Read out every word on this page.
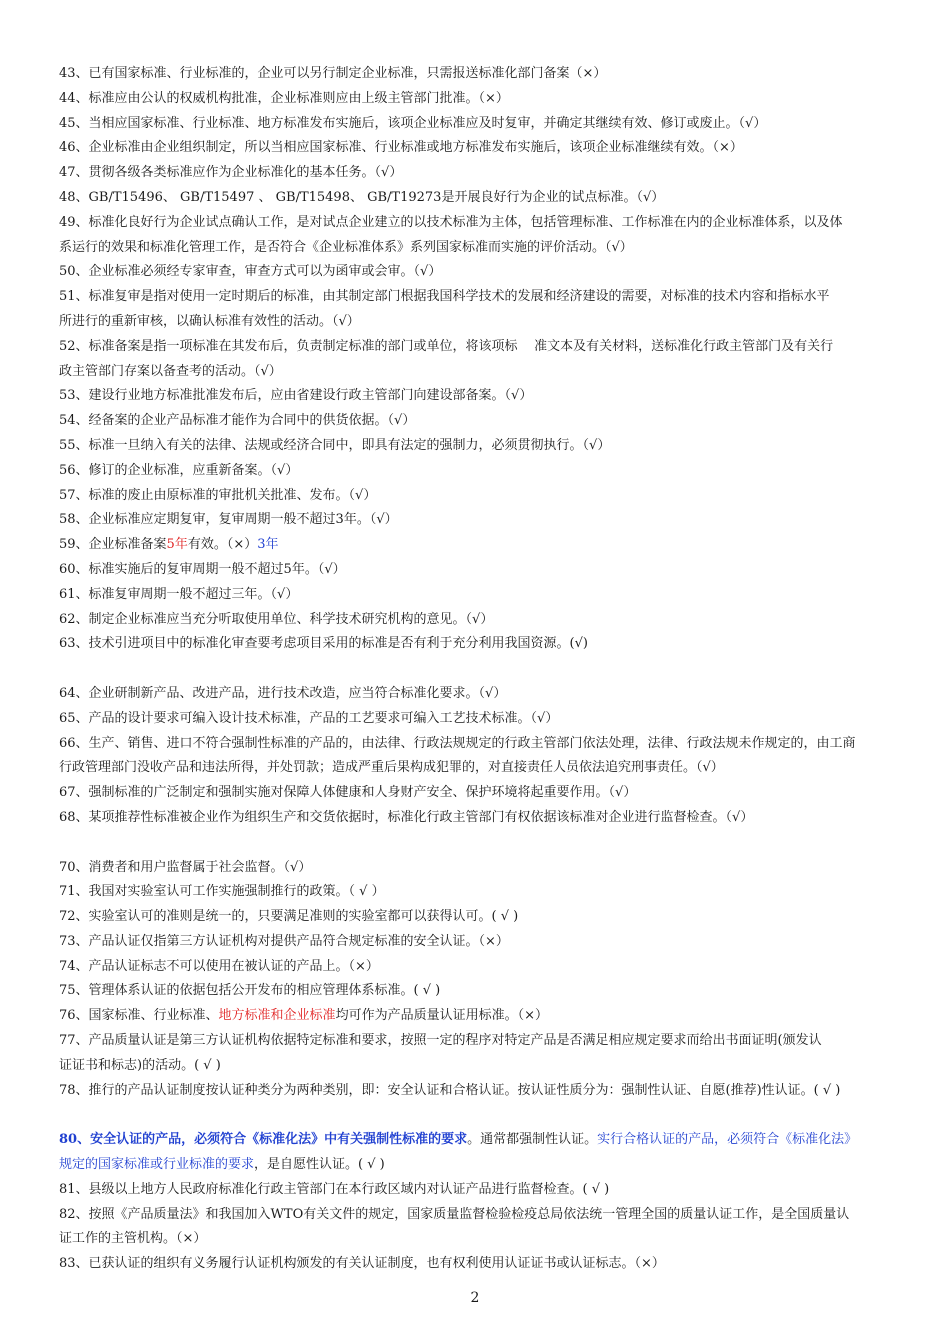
43、已有国家标准、行业标准的，企业可以另行制定企业标准，只需报送标准化部门备案（×）
44、标准应由公认的权威机构批准，企业标准则应由上级主管部门批准。（×）
45、当相应国家标准、行业标准、地方标准发布实施后，该项企业标准应及时复审，并确定其继续有效、修订或废止。（√）
46、企业标准由企业组织制定，所以当相应国家标准、行业标准或地方标准发布实施后，该项企业标准继续有效。（×）
47、贯彻各级各类标准应作为企业标准化的基本任务。（√）
48、GB/T15496、 GB/T15497 、 GB/T15498、 GB/T19273是开展良好行为企业的试点标准。（√）
49、标准化良好行为企业试点确认工作，是对试点企业建立的以技术标准为主体，包括管理标准、工作标准在内的企业标准体系，以及体
系运行的效果和标准化管理工作，是否符合《企业标准体系》系列国家标准而实施的评价活动。（√）
50、企业标准必须经专家审查，审查方式可以为函审或会审。（√）
51、标准复审是指对使用一定时期后的标准，由其制定部门根据我国科学技术的发展和经济建设的需要，对标准的技术内容和指标水平
所进行的重新审核，以确认标准有效性的活动。（√）
52、标准备案是指一项标准在其发布后，负责制定标准的部门或单位，将该项标    准文本及有关材料，送标准化行政主管部门及有关行
政主管部门存案以备查考的活动。（√）
53、建设行业地方标准批准发布后，应由省建设行政主管部门向建设部备案。（√）
54、经备案的企业产品标准才能作为合同中的供货依据。（√）
55、标准一旦纳入有关的法律、法规或经济合同中，即具有法定的强制力，必须贯彻执行。（√）
56、修订的企业标准，应重新备案。（√）
57、标准的废止由原标准的审批机关批准、发布。（√）
58、企业标准应定期复审，复审周期一般不超过3年。（√）
59、企业标准备案5年有效。（×）3年
60、标准实施后的复审周期一般不超过5年。（√）
61、标准复审周期一般不超过三年。（√）
62、制定企业标准应当充分听取使用单位、科学技术研究机构的意见。（√）
63、技术引进项目中的标准化审查要考虑项目采用的标准是否有利于充分利用我国资源。(√)
64、企业研制新产品、改进产品，进行技术改造，应当符合标准化要求。（√）
65、产品的设计要求可编入设计技术标准，产品的工艺要求可编入工艺技术标准。（√）
66、生产、销售、进口不符合强制性标准的产品的，由法律、行政法规规定的行政主管部门依法处理，法律、行政法规未作规定的，由工商
行政管理部门没收产品和违法所得，并处罚款；造成严重后果构成犯罪的，对直接责任人员依法追究刑事责任。（√）
67、强制标准的广泛制定和强制实施对保障人体健康和人身财产安全、保护环境将起重要作用。（√）
68、某项推荐性标准被企业作为组织生产和交货依据时，标准化行政主管部门有权依据该标准对企业进行监督检查。（√）

70、消费者和用户监督属于社会监督。（√）
71、我国对实验室认可工作实施强制推行的政策。（ √ ）
72、实验室认可的准则是统一的，只要满足准则的实验室都可以获得认可。( √ )
73、产品认证仅指第三方认证机构对提供产品符合规定标准的安全认证。（×）
74、产品认证标志不可以使用在被认证的产品上。（×）
75、管理体系认证的依据包括公开发布的相应管理体系标准。( √ )
76、国家标准、行业标准、地方标准和企业标准均可作为产品质量认证用标准。（×）
77、产品质量认证是第三方认证机构依据特定标准和要求，按照一定的程序对特定产品是否满足相应规定要求而给出书面证明(颁发认
证证书和标志)的活动。( √ )
78、推行的产品认证制度按认证种类分为两种类别，即：安全认证和合格认证。按认证性质分为：强制性认证、自愿(推荐)性认证。( √ )

80、安全认证的产品，必须符合《标准化法》中有关强制性标准的要求。通常都强制性认证。实行合格认证的产品，必须符合《标准化法》
规定的国家标准或行业标准的要求，是自愿性认证。( √ )
81、县级以上地方人民政府标准化行政主管部门在本行政区域内对认证产品进行监督检查。( √ )
82、按照《产品质量法》和我国加入WTO有关文件的规定，国家质量监督检验检疫总局依法统一管理全国的质量认证工作，是全国质量认
证工作的主管机构。（×）
83、已获认证的组织有义务履行认证机构颁发的有关认证制度，也有权利使用认证证书或认证标志。（×）
2
